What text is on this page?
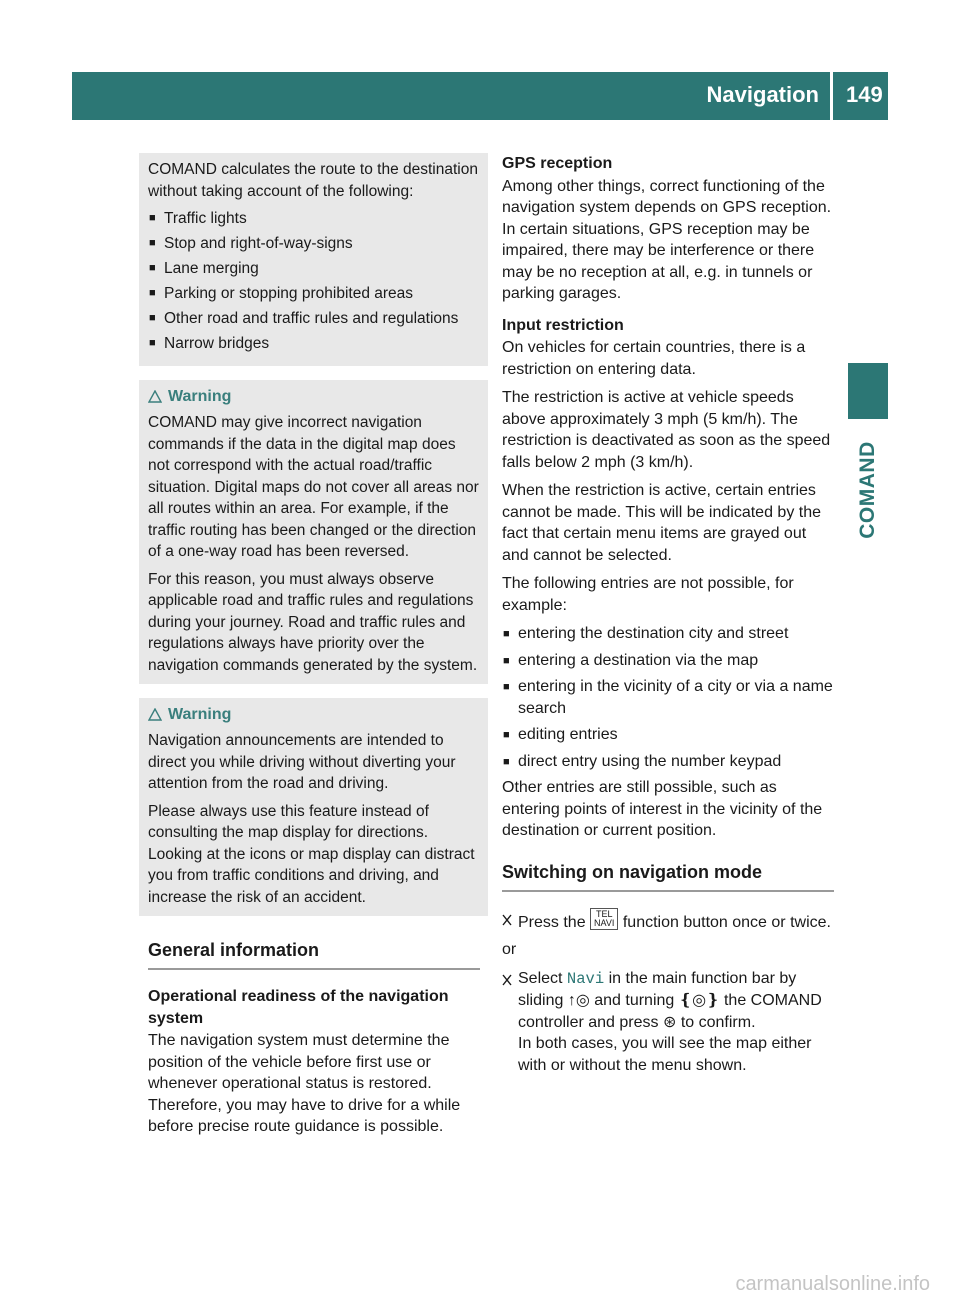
Navigation 149
COMAND

COMAND calculates the route to the destination without taking account of the following:

■ Traffic lights
■ Stop and right-of-way-signs
■ Lane merging
■ Parking or stopping prohibited areas
■ Other road and traffic rules and regulations
■ Narrow bridges
Warning

COMAND may give incorrect navigation commands if the data in the digital map does not correspond with the actual road/traffic situation. Digital maps do not cover all areas nor all routes within an area. For example, if the traffic routing has been changed or the direction of a one-way road has been reversed.

For this reason, you must always observe applicable road and traffic rules and regulations during your journey. Road and traffic rules and regulations always have priority over the navigation commands generated by the system.

Warning

Navigation announcements are intended to direct you while driving without diverting your attention from the road and driving.

Please always use this feature instead of consulting the map display for directions. Looking at the icons or map display can distract you from traffic conditions and driving, and increase the risk of an accident.

General information

Operational readiness of the navigation system

The navigation system must determine the position of the vehicle before first use or whenever operational status is restored. Therefore, you may have to drive for a while before precise route guidance is possible.

GPS reception

Among other things, correct functioning of the navigation system depends on GPS reception. In certain situations, GPS reception may be impaired, there may be interference or there may be no reception at all, e.g. in tunnels or parking garages.

Input restriction

On vehicles for certain countries, there is a restriction on entering data.

The restriction is active at vehicle speeds above approximately 3 mph (5 km/h). The restriction is deactivated as soon as the speed falls below 2 mph (3 km/h).

When the restriction is active, certain entries cannot be made. This will be indicated by the fact that certain menu items are grayed out and cannot be selected.

The following entries are not possible, for example:

■ entering the destination city and street
■ entering a destination via the map
■ entering in the vicinity of a city or via a name search
■ editing entries
■ direct entry using the number keypad

Other entries are still possible, such as entering points of interest in the vicinity of the destination or current position.

Switching on navigation mode
Press the TEL
NAVI function button once or twice.

or

Select Navi in the main function bar by sliding ↑◎ and turning ❴◎❵ the COMAND controller and press ⊛ to confirm.
In both cases, you will see the map either with or without the menu shown.
carmanualsonline.info
